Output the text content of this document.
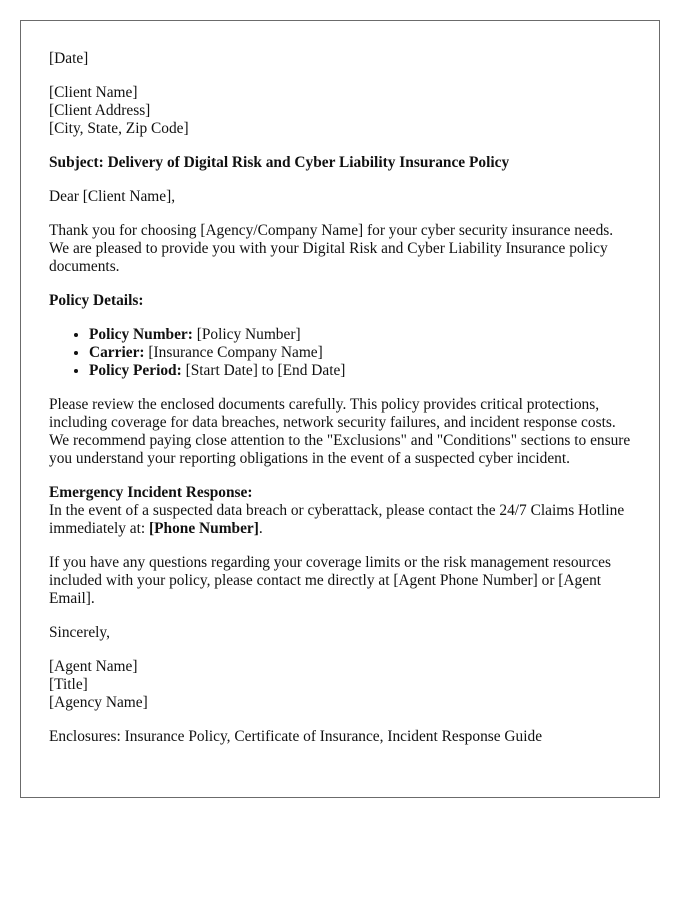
[Date]

[Client Name]
[Client Address]
[City, State, Zip Code]

Subject: Delivery of Digital Risk and Cyber Liability Insurance Policy

Dear [Client Name],

Thank you for choosing [Agency/Company Name] for your cyber security insurance needs. We are pleased to provide you with your Digital Risk and Cyber Liability Insurance policy documents.

Policy Details:

• Policy Number: [Policy Number]
• Carrier: [Insurance Company Name]
• Policy Period: [Start Date] to [End Date]

Please review the enclosed documents carefully. This policy provides critical protections, including coverage for data breaches, network security failures, and incident response costs. We recommend paying close attention to the "Exclusions" and "Conditions" sections to ensure you understand your reporting obligations in the event of a suspected cyber incident.

Emergency Incident Response:
In the event of a suspected data breach or cyberattack, please contact the 24/7 Claims Hotline immediately at: [Phone Number].

If you have any questions regarding your coverage limits or the risk management resources included with your policy, please contact me directly at [Agent Phone Number] or [Agent Email].

Sincerely,

[Agent Name]
[Title]
[Agency Name]

Enclosures: Insurance Policy, Certificate of Insurance, Incident Response Guide
